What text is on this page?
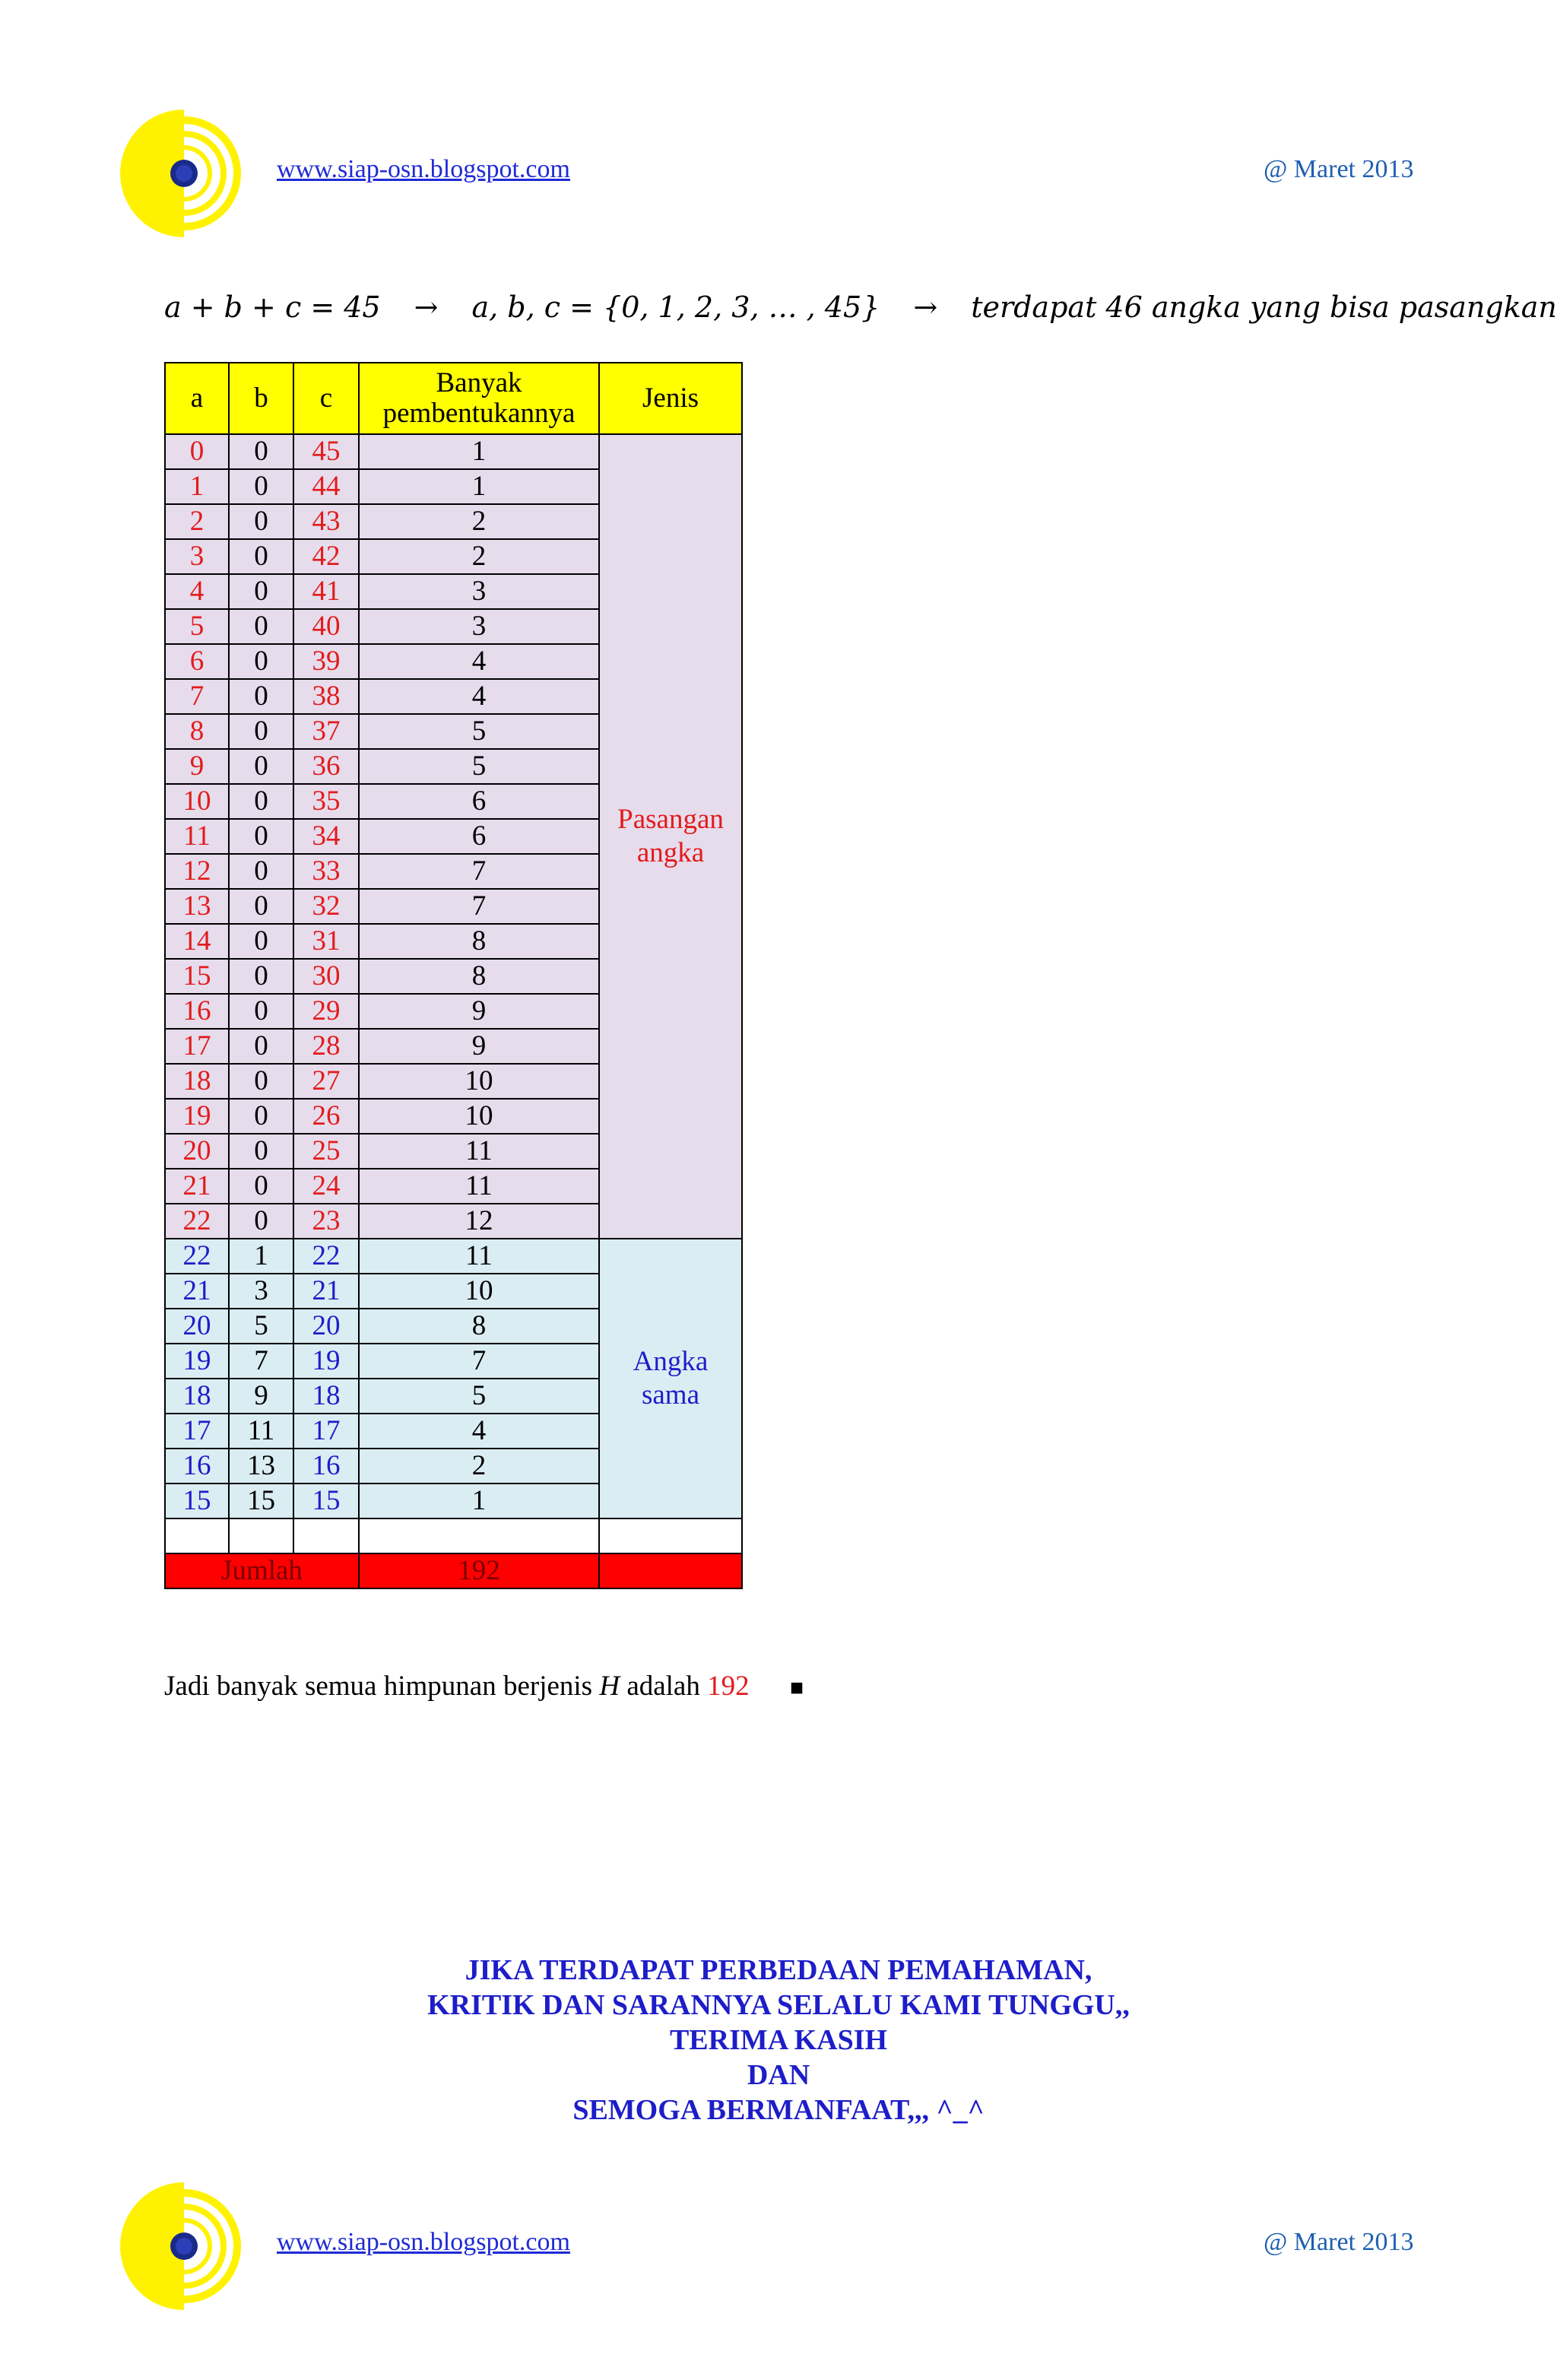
www.siap-osn.blogspot.com	@ Maret 2013
a + b + c = 45 → a, b, c = {0, 1, 2, 3, … , 45} → terdapat 46 angka yang bisa pasangkan
a	b	c	Banyak
pembentukannya	Jenis
0	0	45	1	Pasangan
angka
1	0	44	1	
2	0	43	2	
3	0	42	2	
4	0	41	3	
5	0	40	3	
6	0	39	4	
7	0	38	4	
8	0	37	5	
9	0	36	5	
10	0	35	6	
11	0	34	6	
12	0	33	7	
13	0	32	7	
14	0	31	8	
15	0	30	8	
16	0	29	9	
17	0	28	9	
18	0	27	10	
19	0	26	10	
20	0	25	11	
21	0	24	11	
22	0	23	12	
22	1	22	11	Angka
sama
21	3	21	10	
20	5	20	8	
19	7	19	7	
18	9	18	5	
17	11	17	4	
16	13	16	2	
15	15	15	1	

Jumlah			192	
Jadi banyak semua himpunan berjenis H adalah 192 ■
JIKA TERDAPAT PERBEDAAN PEMAHAMAN,
KRITIK DAN SARANNYA SELALU KAMI TUNGGU,,
TERIMA KASIH
DAN
SEMOGA BERMANFAAT,,, ^_^
www.siap-osn.blogspot.com	@ Maret 2013
